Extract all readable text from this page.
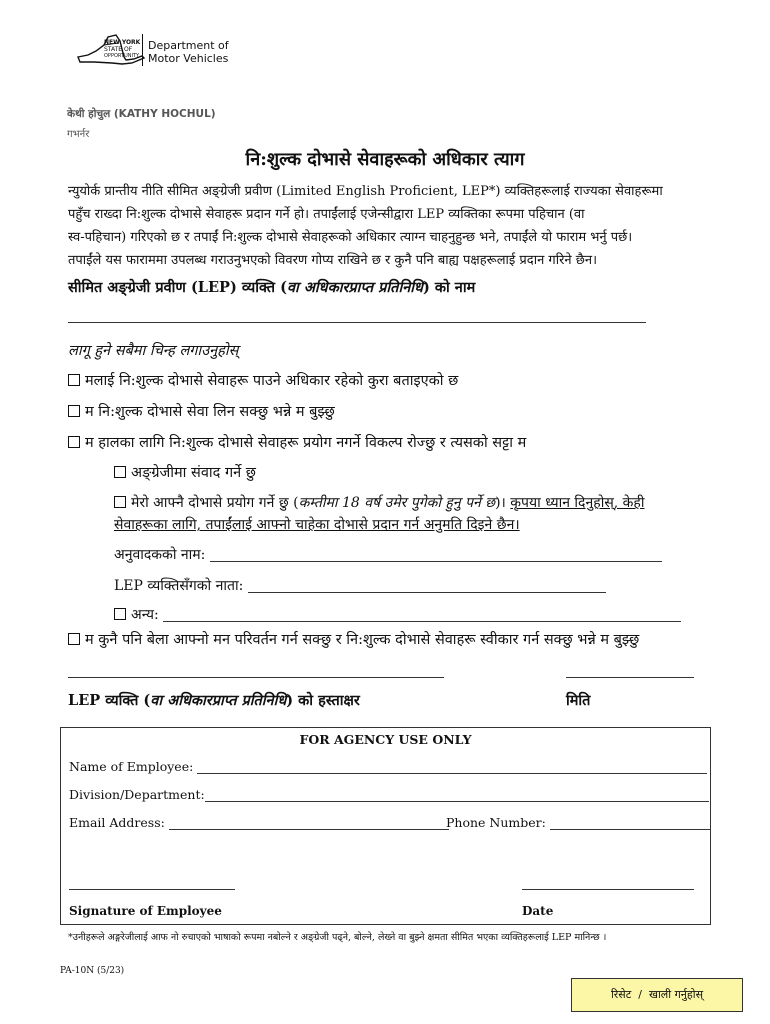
NEW YORK
STATE OF
OPPORTUNITY
Department of
Motor Vehicles
केथी होचुल (KATHY HOCHUL)
गभर्नर
नि:शुल्क दोभासे सेवाहरूको अधिकार त्याग
न्युयोर्क प्रान्तीय नीति सीमित अङ्ग्रेजी प्रवीण (Limited English Proficient, LEP*) व्यक्तिहरूलाई राज्यका सेवाहरूमा
पहुँच राख्दा नि:शुल्क दोभासे सेवाहरू प्रदान गर्ने हो। तपाईंलाई एजेन्सीद्वारा LEP व्यक्तिका रूपमा पहिचान (वा
स्व-पहिचान) गरिएको छ र तपाईं नि:शुल्क दोभासे सेवाहरूको अधिकार त्याग्न चाहनुहुन्छ भने, तपाईंले यो फाराम भर्नु पर्छ।
तपाईंले यस फाराममा उपलब्ध गराउनुभएको विवरण गोप्य राखिने छ र कुनै पनि बाह्य पक्षहरूलाई प्रदान गरिने छैन।
सीमित अङ्ग्रेजी प्रवीण (LEP) व्यक्ति (वा अधिकारप्राप्त प्रतिनिधि) को नाम
लागू हुने सबैमा चिन्ह लगाउनुहोस्
मलाई नि:शुल्क दोभासे सेवाहरू पाउने अधिकार रहेको कुरा बताइएको छ
म नि:शुल्क दोभासे सेवा लिन सक्छु भन्ने म बुझ्छु
म हालका लागि नि:शुल्क दोभासे सेवाहरू प्रयोग नगर्ने विकल्प रोज्छु र त्यसको सट्टा म
अङ्ग्रेजीमा संवाद गर्ने छु
मेरो आफ्नै दोभासे प्रयोग गर्ने छु (कम्तीमा 18 वर्ष उमेर पुगेको हुनु पर्ने छ)। कृपया ध्यान दिनुहोस्, केही
सेवाहरूका लागि, तपाईंलाई आफ्नो चाहेका दोभासे प्रदान गर्न अनुमति दिइने छैन।
अनुवादकको नाम:
LEP व्यक्तिसँगको नाता:
अन्य:
म कुनै पनि बेला आफ्नो मन परिवर्तन गर्न सक्छु र नि:शुल्क दोभासे सेवाहरू स्वीकार गर्न सक्छु भन्ने म बुझ्छु
LEP व्यक्ति (वा अधिकारप्राप्त प्रतिनिधि) को हस्ताक्षर	मिति
FOR AGENCY USE ONLY
Name of Employee:
Division/Department:
Email Address:	Phone Number:
Signature of Employee	Date
*उनीहरूले अङ्गरेजीलाई आफ नो रुचाएको भाषाको रूपमा नबोल्ने र अङ्ग्रेजी पढ्ने, बोल्ने, लेख्ने वा बुझ्ने क्षमता सीमित भएका व्यक्तिहरूलाई LEP मानिन्छ ।
PA-10N (5/23)
रिसेट  /  खाली गर्नुहोस्
